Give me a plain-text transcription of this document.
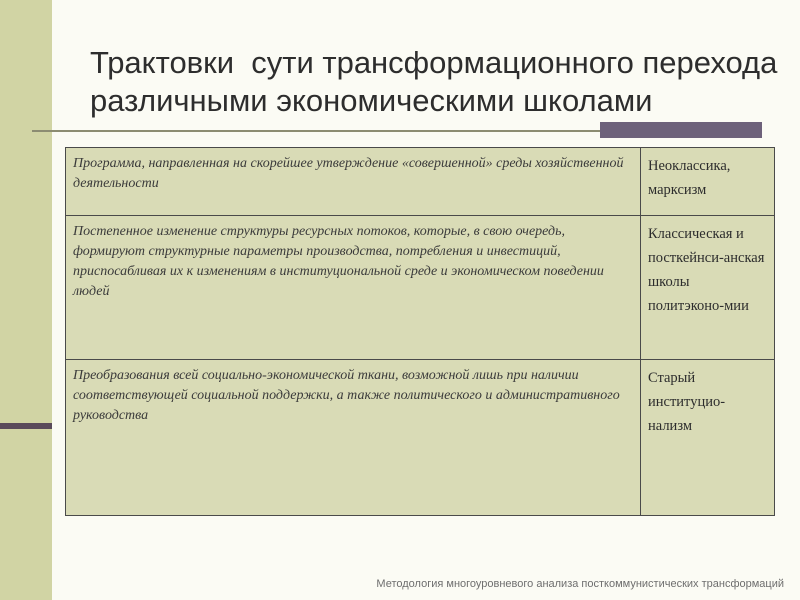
Трактовки  сути трансформационного перехода
различными экономическими школами
Программа, направленная на скорейшее утверждение «совершенной» среды хозяйственной деятельности	Неоклассика, марксизм
Постепенное изменение структуры ресурсных потоков, которые, в свою очередь, формируют структурные параметры производства, потребления и инвестиций, приспосабливая их к изменениям в институциональной среде и экономическом поведении людей	Классическая и посткейнси-анская школы политэконо-мии
Преобразования всей социально-экономической ткани, возможной лишь при наличии соответствующей социальной поддержки, а также политического и административного руководства	Старый институцио-нализм
Методология многоуровневого анализа посткоммунистических трансформаций
